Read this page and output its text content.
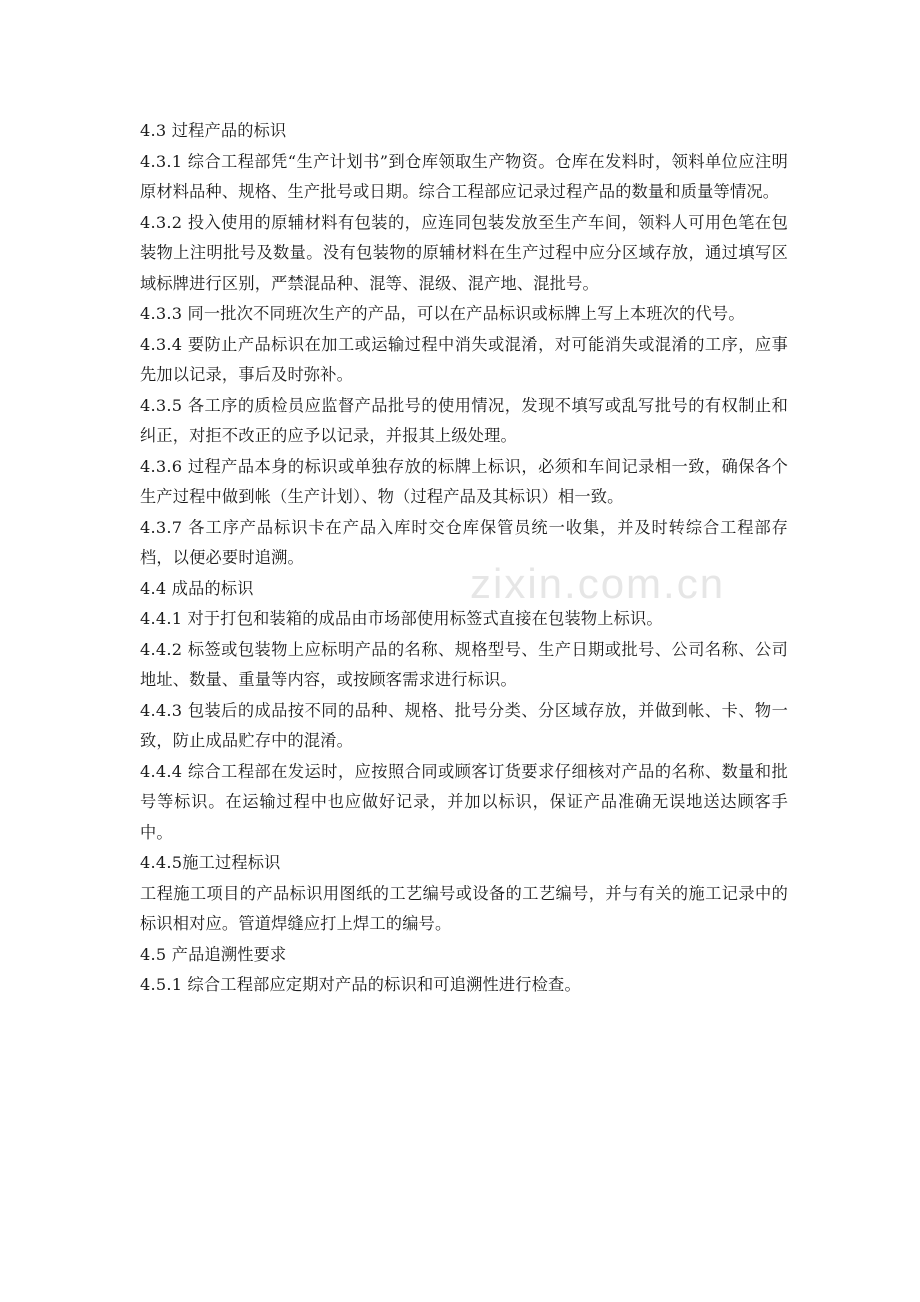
zixin.com.cn

4.3 过程产品的标识

4.3.1 综合工程部凭“生产计划书”到仓库领取生产物资。仓库在发料时，领料单位应注明原材料品种、规格、生产批号或日期。综合工程部应记录过程产品的数量和质量等情况。

4.3.2 投入使用的原辅材料有包装的，应连同包装发放至生产车间，领料人可用色笔在包装物上注明批号及数量。没有包装物的原辅材料在生产过程中应分区域存放，通过填写区域标牌进行区别，严禁混品种、混等、混级、混产地、混批号。

4.3.3 同一批次不同班次生产的产品，可以在产品标识或标牌上写上本班次的代号。

4.3.4 要防止产品标识在加工或运输过程中消失或混淆，对可能消失或混淆的工序，应事先加以记录，事后及时弥补。

4.3.5 各工序的质检员应监督产品批号的使用情况，发现不填写或乱写批号的有权制止和纠正，对拒不改正的应予以记录，并报其上级处理。

4.3.6 过程产品本身的标识或单独存放的标牌上标识，必须和车间记录相一致，确保各个生产过程中做到帐（生产计划）、物（过程产品及其标识）相一致。

4.3.7 各工序产品标识卡在产品入库时交仓库保管员统一收集，并及时转综合工程部存档，以便必要时追溯。

4.4 成品的标识

4.4.1 对于打包和装箱的成品由市场部使用标签式直接在包装物上标识。

4.4.2 标签或包装物上应标明产品的名称、规格型号、生产日期或批号、公司名称、公司地址、数量、重量等内容，或按顾客需求进行标识。

4.4.3 包装后的成品按不同的品种、规格、批号分类、分区域存放，并做到帐、卡、物一致，防止成品贮存中的混淆。

4.4.4 综合工程部在发运时，应按照合同或顾客订货要求仔细核对产品的名称、数量和批号等标识。在运输过程中也应做好记录，并加以标识，保证产品准确无误地送达顾客手中。

4.4.5施工过程标识

工程施工项目的产品标识用图纸的工艺编号或设备的工艺编号，并与有关的施工记录中的标识相对应。管道焊缝应打上焊工的编号。

4.5 产品追溯性要求

4.5.1 综合工程部应定期对产品的标识和可追溯性进行检查。
